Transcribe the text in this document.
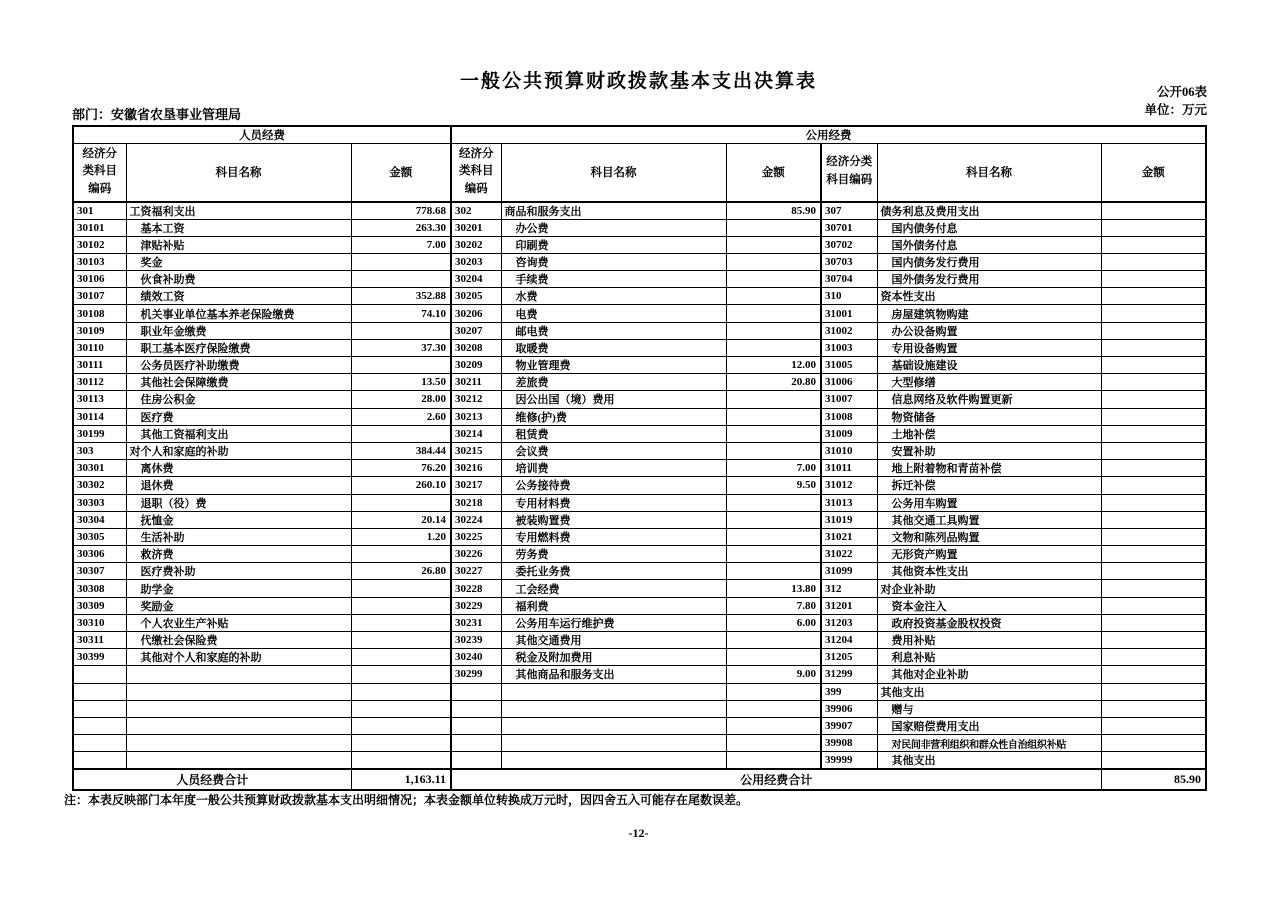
一般公共预算财政拨款基本支出决算表	公开06表
单位：万元
部门：安徽省农垦事业管理局
人员经费			公用经费					
经济分类科目编码	科目名称	金额	经济分类科目编码	科目名称	金额	经济分类科目编码	科目名称	金额
301	工资福利支出	778.68	302	商品和服务支出	85.90	307	债务利息及费用支出	
30101	基本工资	263.30	30201	办公费		30701	国内债务付息	
30102	津贴补贴	7.00	30202	印刷费		30702	国外债务付息	
30103	奖金		30203	咨询费		30703	国内债务发行费用	
30106	伙食补助费		30204	手续费		30704	国外债务发行费用	
30107	绩效工资	352.88	30205	水费		310	资本性支出	
30108	机关事业单位基本养老保险缴费	74.10	30206	电费		31001	房屋建筑物购建	
30109	职业年金缴费		30207	邮电费		31002	办公设备购置	
30110	职工基本医疗保险缴费	37.30	30208	取暖费		31003	专用设备购置	
30111	公务员医疗补助缴费		30209	物业管理费	12.00	31005	基础设施建设	
30112	其他社会保障缴费	13.50	30211	差旅费	20.80	31006	大型修缮	
30113	住房公积金	28.00	30212	因公出国（境）费用		31007	信息网络及软件购置更新	
30114	医疗费	2.60	30213	维修(护)费		31008	物资储备	
30199	其他工资福利支出		30214	租赁费		31009	土地补偿	
303	对个人和家庭的补助	384.44	30215	会议费		31010	安置补助	
30301	离休费	76.20	30216	培训费	7.00	31011	地上附着物和青苗补偿	
30302	退休费	260.10	30217	公务接待费	9.50	31012	拆迁补偿	
30303	退职（役）费		30218	专用材料费		31013	公务用车购置	
30304	抚恤金	20.14	30224	被装购置费		31019	其他交通工具购置	
30305	生活补助	1.20	30225	专用燃料费		31021	文物和陈列品购置	
30306	救济费		30226	劳务费		31022	无形资产购置	
30307	医疗费补助	26.80	30227	委托业务费		31099	其他资本性支出	
30308	助学金		30228	工会经费	13.80	312	对企业补助	
30309	奖励金		30229	福利费	7.80	31201	资本金注入	
30310	个人农业生产补贴		30231	公务用车运行维护费	6.00	31203	政府投资基金股权投资	
30311	代缴社会保险费		30239	其他交通费用		31204	费用补贴	
30399	其他对个人和家庭的补助		30240	税金及附加费用		31205	利息补贴	
			30299	其他商品和服务支出	9.00	31299	其他对企业补助	
						399	其他支出	
						39906	赠与	
						39907	国家赔偿费用支出	
						39908	对民间非营利组织和群众性自治组织补贴	
						39999	其他支出	
人员经费合计		1,163.11	公用经费合计					85.90
注：本表反映部门本年度一般公共预算财政拨款基本支出明细情况；本表金额单位转换成万元时，因四舍五入可能存在尾数误差。
-12-
